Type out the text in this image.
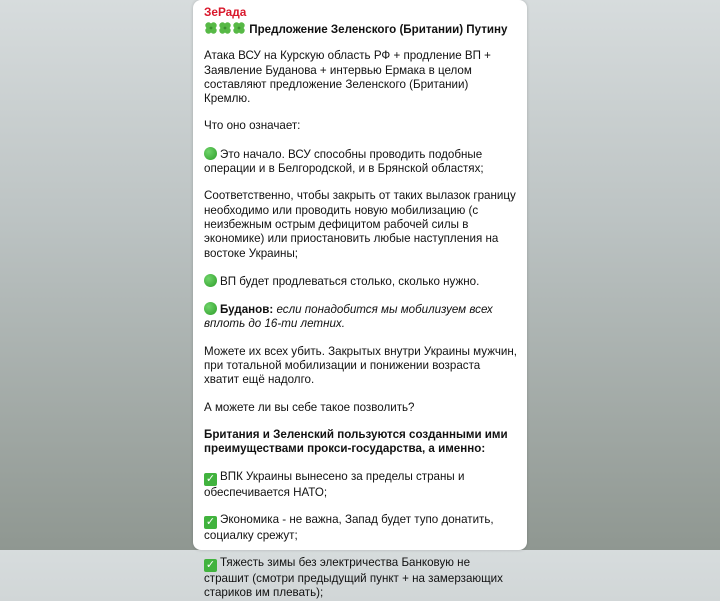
ЗеРада
Предложение Зеленского (Британии) Путину
Атака ВСУ на Курскую область РФ + продление ВП + Заявление Буданова + интервью Ермака в целом составляют предложение Зеленского (Британии) Кремлю.
Что оно означает:
Это начало. ВСУ способны проводить подобные операции и в Белгородской, и в Брянской областях;
Соответственно, чтобы закрыть от таких вылазок границу необходимо или проводить новую мобилизацию (с неизбежным острым дефицитом рабочей силы в экономике) или приостановить любые наступления на востоке Украины;
ВП будет продлеваться столько, сколько нужно.
Буданов: если понадобится мы мобилизуем всех вплоть до 16-ти летних.
Можете их всех убить. Закрытых внутри Украины мужчин, при тотальной мобилизации и понижении возраста хватит ещё надолго.
А можете ли вы себе такое позволить?
Британия и Зеленский пользуются созданными ими преимуществами прокси-государства, а именно:
✓ ВПК Украины вынесено за пределы страны и обеспечивается НАТО;
✓ Экономика - не важна, Запад будет тупо донатить, социалку срежут;
✓ Тяжесть зимы без электричества Банковую не страшит (смотри предыдущий пункт + на замерзающих стариков им плевать);
